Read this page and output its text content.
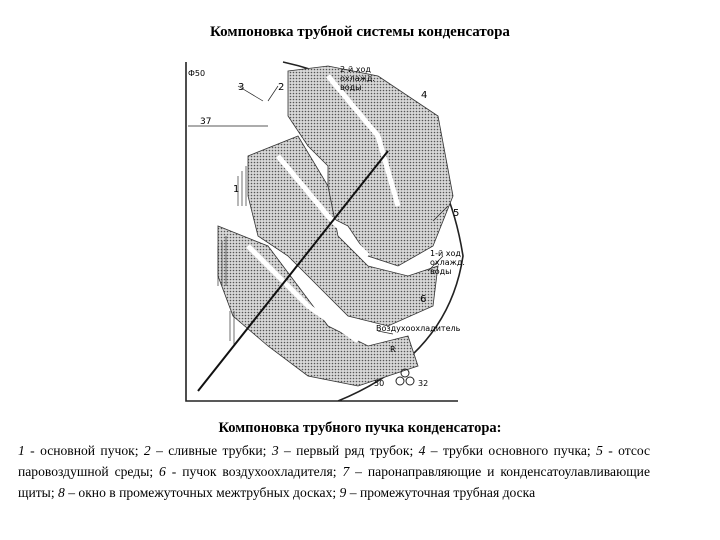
Компоновка трубной системы конденсатора
3	2
4
1
5
6
37
2-й ход
охлажд.
воды
1-й ход
охлажд.
воды
Воздухоохладитель
Ф50
50	32
R
Компоновка трубного пучка конденсатора:
1 - основной пучок; 2 – сливные трубки; 3 – первый ряд трубок; 4 – трубки основного пучка; 5 - отсос паровоздушной среды; 6 - пучок воздухоохладителя; 7 – паронаправляющие и конденсатоулавливающие щиты; 8 – окно в промежуточных межтрубных досках; 9 – промежуточная трубная доска
